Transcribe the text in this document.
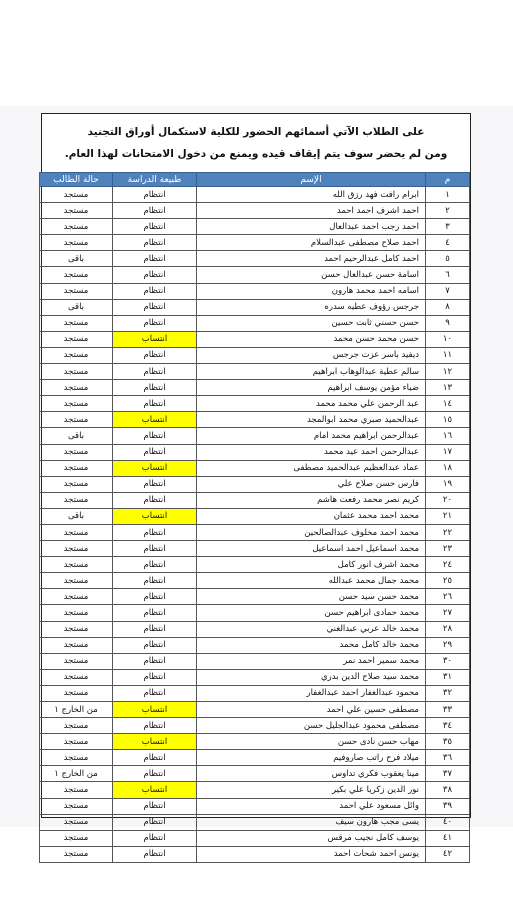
على الطلاب الآتي أسمائهم الحضور للكلية لاستكمال أوراق التجنيد
ومن لم يحضر سوف يتم إيقاف قيده ويمنع من دخول الامتحانات لهذا العام.
م	الإسم	طبيعة الدراسة	حالة الطالب
١	ابرام رافت فهد رزق الله	انتظام	مستجد
٢	احمد اشرف احمد احمد	انتظام	مستجد
٣	احمد رجب احمد عبدالعال	انتظام	مستجد
٤	احمد صلاح مصطفى عبدالسلام	انتظام	مستجد
٥	احمد كامل عبدالرحيم احمد	انتظام	باقى
٦	اسامة حسن عبدالعال حسن	انتظام	مستجد
٧	اسامه احمد محمد هارون	انتظام	مستجد
٨	جرجس رؤوف عطيه سدره	انتظام	باقى
٩	حسن حسني ثابت حسين	انتظام	مستجد
١٠	حسن محمد حسن محمد	انتساب	مستجد
١١	ديفيد باسر عزت جرجس	انتظام	مستجد
١٢	سالم عطية عبدالوهاب ابراهيم	انتظام	مستجد
١٣	ضياء مؤمن يوسف ابراهيم	انتظام	مستجد
١٤	عبد الرحمن علي محمد محمد	انتظام	مستجد
١٥	عبدالحميد صبري محمد ابوالمجد	انتساب	مستجد
١٦	عبدالرحمن ابراهيم محمد امام	انتظام	باقى
١٧	عبدالرحمن احمد عيد محمد	انتظام	مستجد
١٨	عماد عبدالعظيم عبدالحميد مصطفى	انتساب	مستجد
١٩	فارس حسن صلاح علي	انتظام	مستجد
٢٠	كريم نصر محمد رفعت هاشم	انتظام	مستجد
٢١	محمد احمد محمد عثمان	انتساب	باقى
٢٢	محمد احمد مخلوف عبدالصالحين	انتظام	مستجد
٢٣	محمد اسماعيل احمد اسماعيل	انتظام	مستجد
٢٤	محمد اشرف انور كامل	انتظام	مستجد
٢٥	محمد جمال محمد عبدالله	انتظام	مستجد
٢٦	محمد حسن سيد حسن	انتظام	مستجد
٢٧	محمد حمادى ابراهيم حسن	انتظام	مستجد
٢٨	محمد خالد عربي عبدالغني	انتظام	مستجد
٢٩	محمد خالد كامل محمد	انتظام	مستجد
٣٠	محمد سمير احمد نمر	انتظام	مستجد
٣١	محمد سيد صلاح الدين بدري	انتظام	مستجد
٣٢	محمود عبدالغفار احمد عبدالغفار	انتظام	مستجد
٣٣	مصطفى حسين علي احمد	انتساب	من الخارج ١
٣٤	مصطفى محمود عبدالجليل حسن	انتظام	مستجد
٣٥	مهاب حسن نادى حسن	انتساب	مستجد
٣٦	ميلاد فرح راتب صاروفيم	انتظام	مستجد
٣٧	مينا يعقوب فكري تداوس	انتظام	من الخارج ١
٣٨	نور الدين زكريا علي بكير	انتساب	مستجد
٣٩	وائل مسعود علي احمد	انتظام	مستجد
٤٠	يسى مجب هارون سيف	انتظام	مستجد
٤١	يوسف كامل نجيب مرقس	انتظام	مستجد
٤٢	يونس احمد شحات احمد	انتظام	مستجد
